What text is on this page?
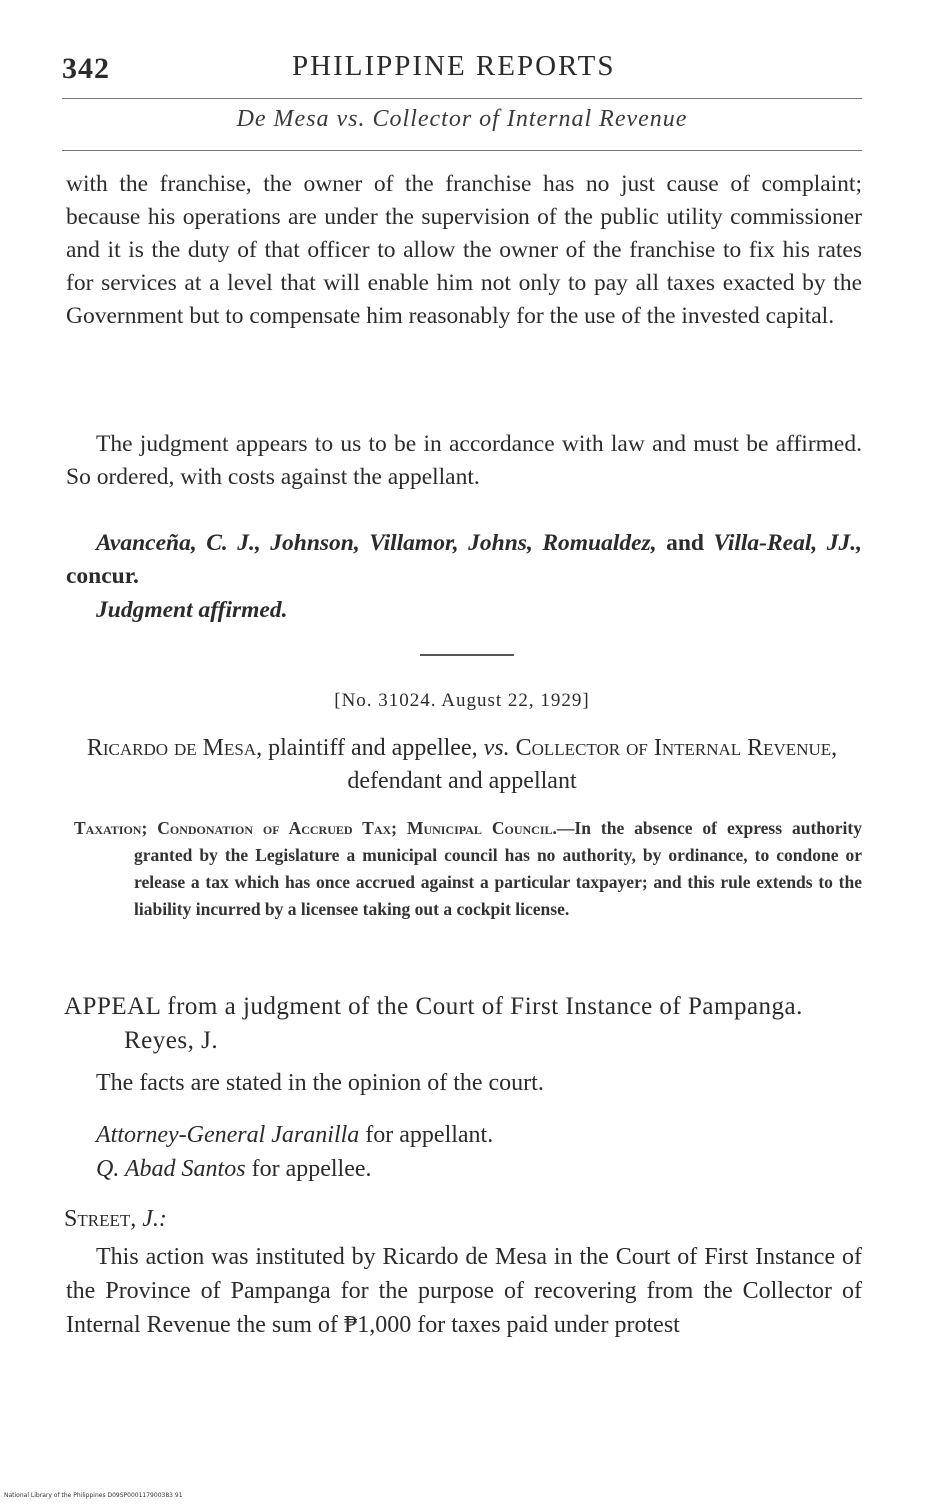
342	PHILIPPINE REPORTS
De Mesa vs. Collector of Internal Revenue

with the franchise, the owner of the franchise has no just cause of complaint; because his operations are under the supervision of the public utility commissioner and it is the duty of that officer to allow the owner of the franchise to fix his rates for services at a level that will enable him not only to pay all taxes exacted by the Government but to compensate him reasonably for the use of the invested capital.

The judgment appears to us to be in accordance with law and must be affirmed. So ordered, with costs against the appellant.

Avanceña, C. J., Johnson, Villamor, Johns, Romualdez, and Villa-Real, JJ., concur.

Judgment affirmed.

[No. 31024. August 22, 1929]
Ricardo de Mesa, plaintiff and appellee, vs. Collector of Internal Revenue, defendant and appellant
Taxation; Condonation of Accrued Tax; Municipal Council.—In the absence of express authority granted by the Legislature a municipal council has no authority, by ordinance, to condone or release a tax which has once accrued against a particular taxpayer; and this rule extends to the liability incurred by a licensee taking out a cockpit license.
APPEAL from a judgment of the Court of First Instance of Pampanga. Reyes, J.
The facts are stated in the opinion of the court.
Attorney-General Jaranilla for appellant.
Q. Abad Santos for appellee.
Street, J.:

This action was instituted by Ricardo de Mesa in the Court of First Instance of the Province of Pampanga for the purpose of recovering from the Collector of Internal Revenue the sum of ₱1,000 for taxes paid under protest

National Library of the Philippines D09SP000117900383 91
